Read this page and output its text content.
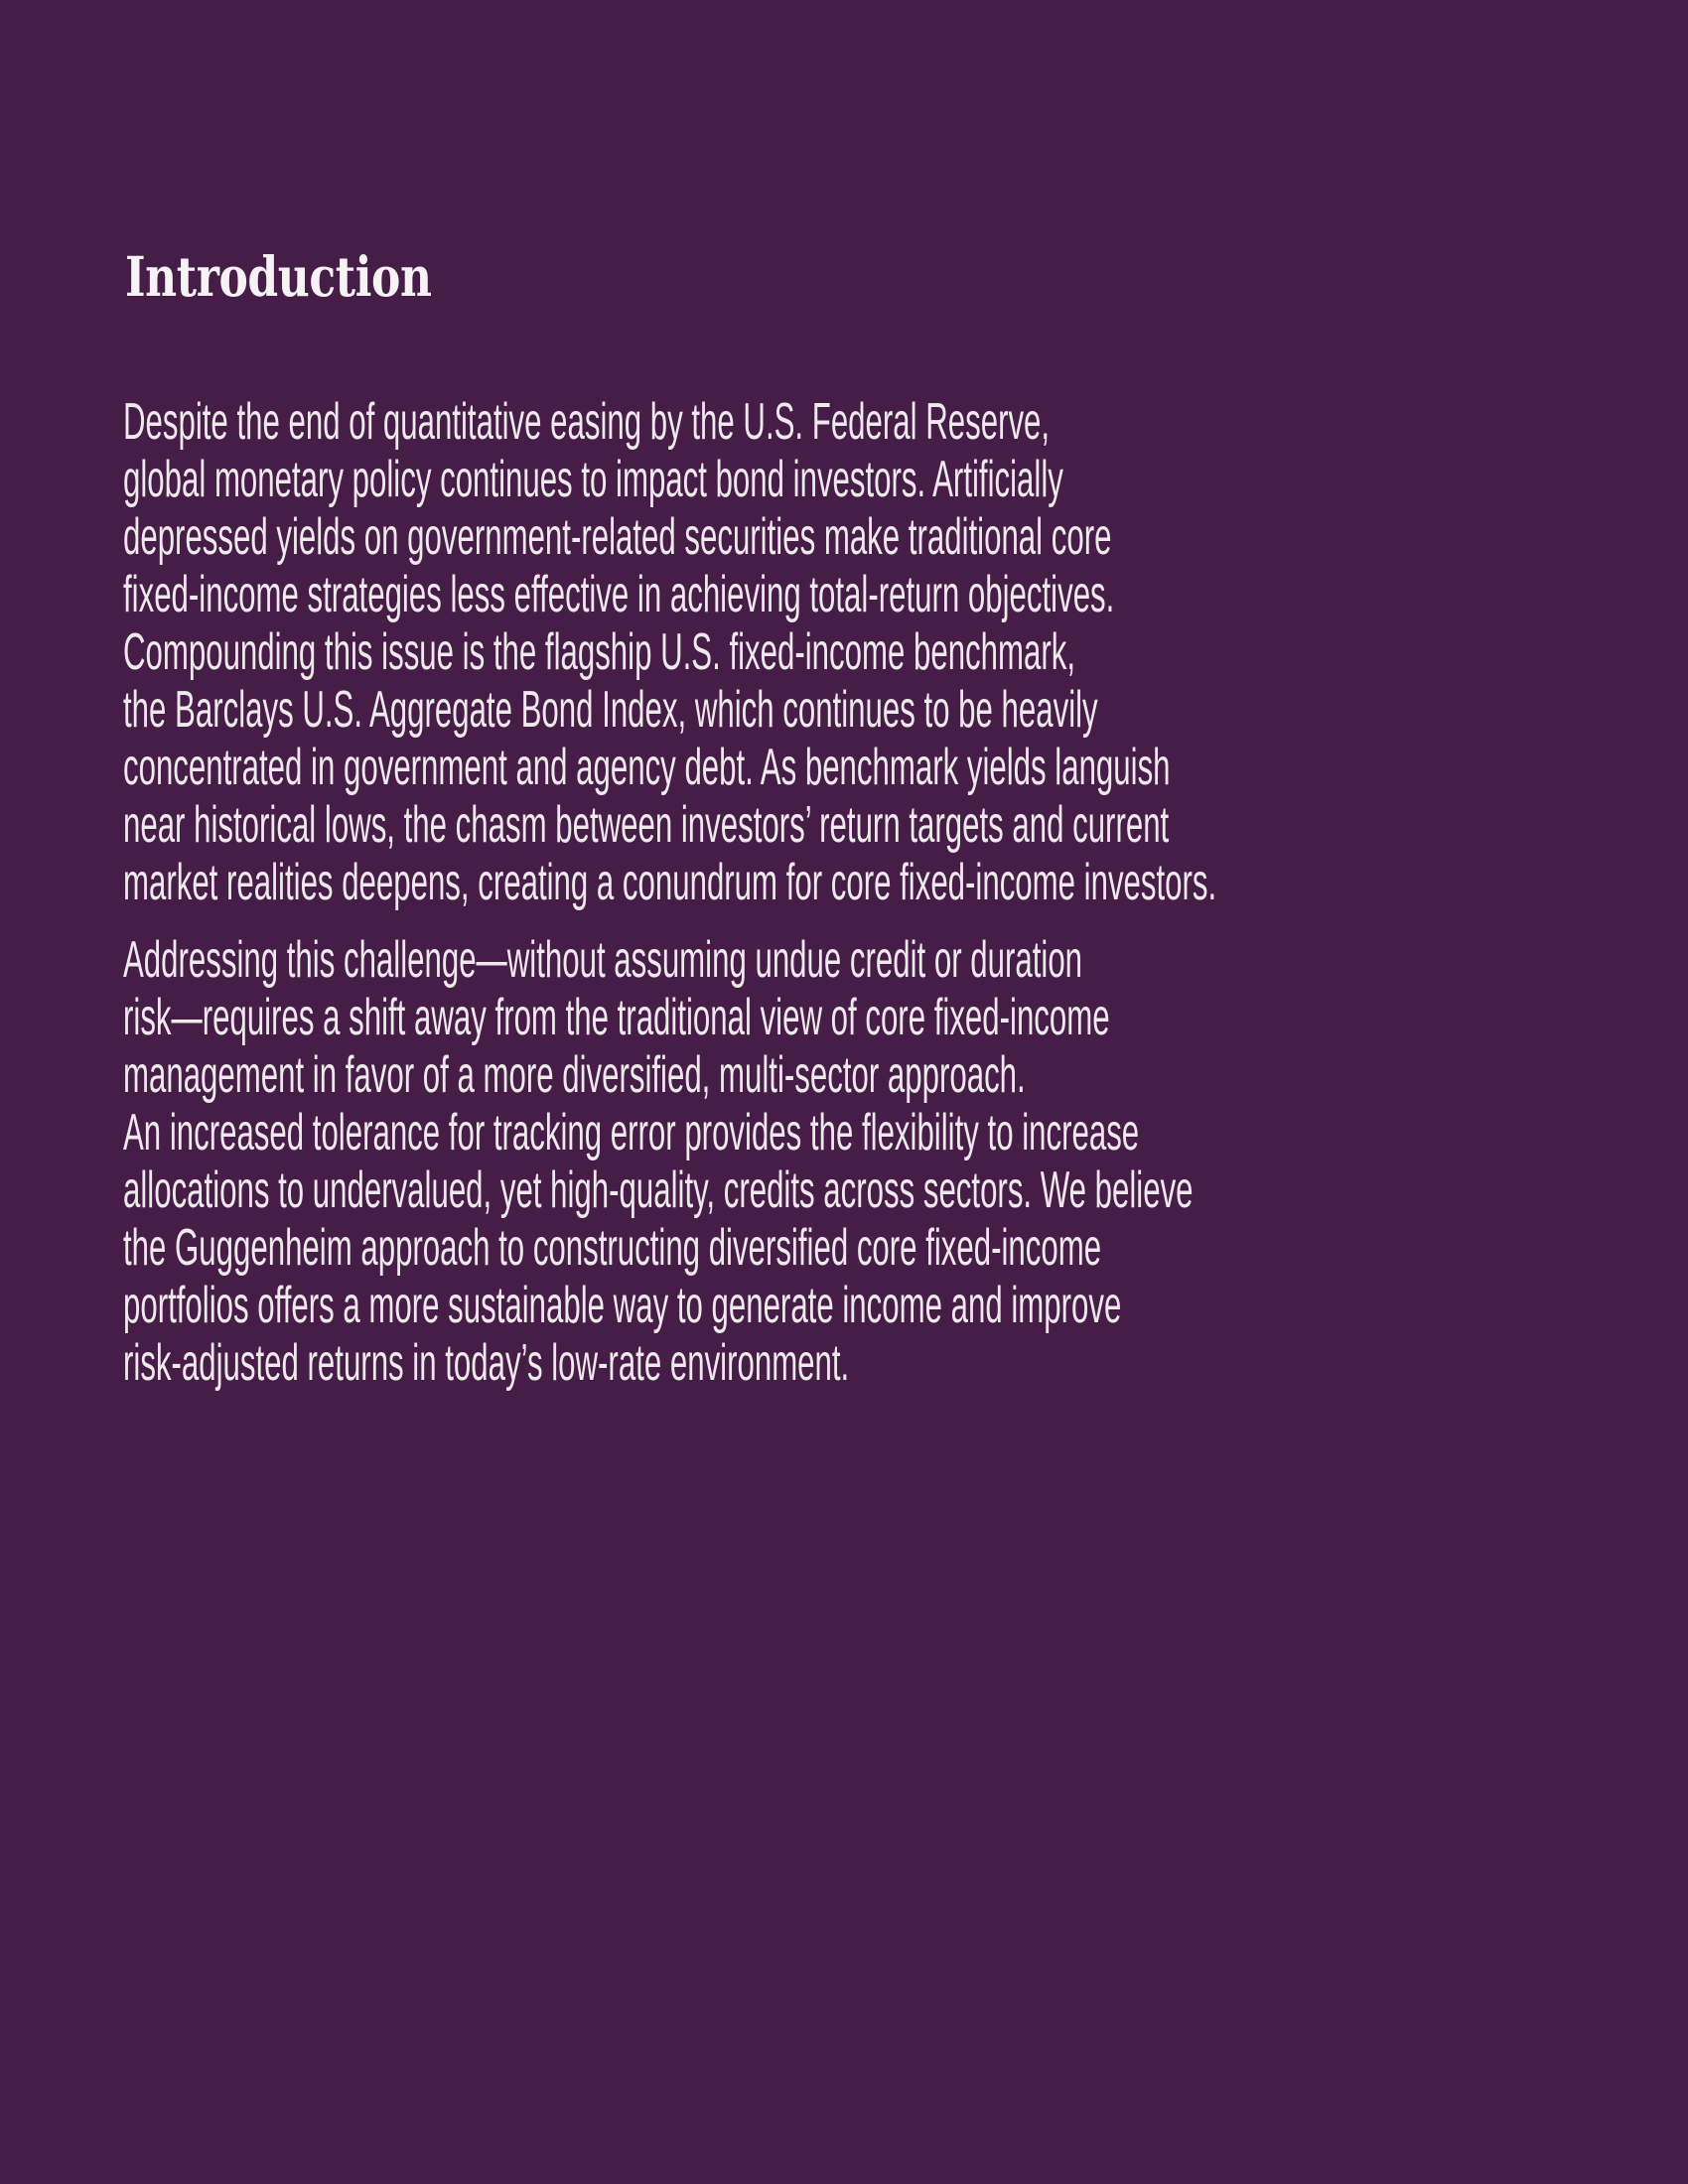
Introduction

Despite the end of quantitative easing by the U.S. Federal Reserve,
global monetary policy continues to impact bond investors. Artificially
depressed yields on government-related securities make traditional core
fixed-income strategies less effective in achieving total-return objectives.
Compounding this issue is the flagship U.S. fixed-income benchmark,
the Barclays U.S. Aggregate Bond Index, which continues to be heavily
concentrated in government and agency debt. As benchmark yields languish
near historical lows, the chasm between investors’ return targets and current
market realities deepens, creating a conundrum for core fixed-income investors.

Addressing this challenge—without assuming undue credit or duration
risk—requires a shift away from the traditional view of core fixed-income
management in favor of a more diversified, multi-sector approach.
An increased tolerance for tracking error provides the flexibility to increase
allocations to undervalued, yet high-quality, credits across sectors. We believe
the Guggenheim approach to constructing diversified core fixed-income
portfolios offers a more sustainable way to generate income and improve
risk-adjusted returns in today’s low-rate environment.
